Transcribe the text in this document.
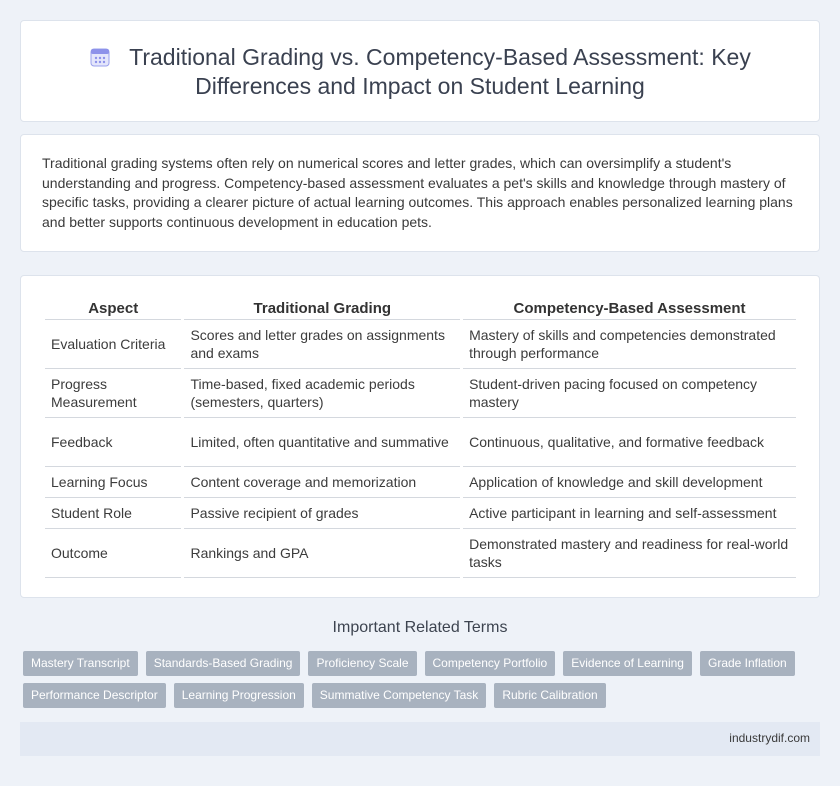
Traditional Grading vs. Competency-Based Assessment: Key Differences and Impact on Student Learning

Traditional grading systems often rely on numerical scores and letter grades, which can oversimplify a student's understanding and progress. Competency-based assessment evaluates a pet's skills and knowledge through mastery of specific tasks, providing a clearer picture of actual learning outcomes. This approach enables personalized learning plans and better supports continuous development in education pets.

Aspect	Traditional Grading	Competency-Based Assessment
Evaluation Criteria	Scores and letter grades on assignments and exams	Mastery of skills and competencies demonstrated through performance
Progress Measurement	Time-based, fixed academic periods (semesters, quarters)	Student-driven pacing focused on competency mastery
Feedback	Limited, often quantitative and summative	Continuous, qualitative, and formative feedback
Learning Focus	Content coverage and memorization	Application of knowledge and skill development
Student Role	Passive recipient of grades	Active participant in learning and self-assessment
Outcome	Rankings and GPA	Demonstrated mastery and readiness for real-world tasks
Important Related Terms
Mastery Transcript	Standards-Based Grading	Proficiency Scale	Competency Portfolio	Evidence of Learning	Grade Inflation
Performance Descriptor	Learning Progression	Summative Competency Task	Rubric Calibration
industrydif.com
